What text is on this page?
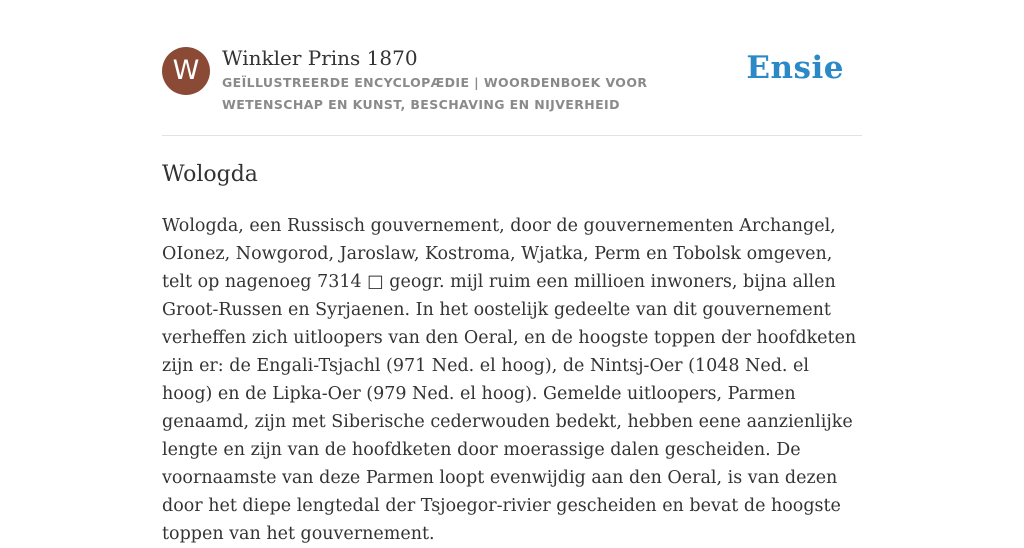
W	Winkler Prins 1870
GEÏLLUSTREERDE ENCYCLOPÆDIE | WOORDENBOEK VOOR WETENSCHAP EN KUNST, BESCHAVING EN NIJVERHEID
Ensie
Wologda

Wologda, een Russisch gouvernement, door de gouvernementen Archangel, OIonez, Nowgorod, Jaroslaw, Kostroma, Wjatka, Perm en Tobolsk omgeven, telt op nagenoeg 7314 □ geogr. mijl ruim een millioen inwoners, bijna allen Groot-Russen en Syrjaenen. In het oostelijk gedeelte van dit gouvernement verheffen zich uitloopers van den Oeral, en de hoogste toppen der hoofdketen zijn er: de Engali-Tsjachl (971 Ned. el hoog), de Nintsj-Oer (1048 Ned. el hoog) en de Lipka-Oer (979 Ned. el hoog). Gemelde uitloopers, Parmen genaamd, zijn met Siberische cederwouden bedekt, hebben eene aanzienlijke lengte en zijn van de hoofdketen door moerassige dalen gescheiden. De voornaamste van deze Parmen loopt evenwijdig aan den Oeral, is van dezen door het diepe lengtedal der Tsjoegor-rivier gescheiden en bevat de hoogste toppen van het gouvernement.
